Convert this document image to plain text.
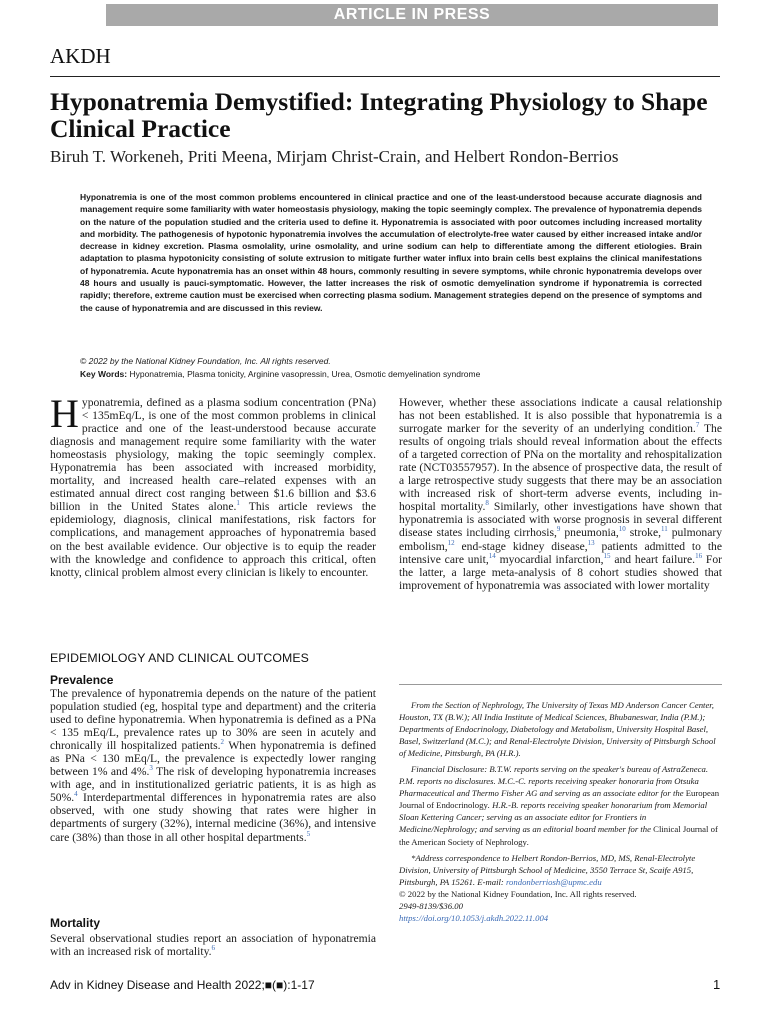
ARTICLE IN PRESS
AKDH
Hyponatremia Demystified: Integrating Physiology to Shape Clinical Practice
Biruh T. Workeneh, Priti Meena, Mirjam Christ-Crain, and Helbert Rondon-Berrios

Hyponatremia is one of the most common problems encountered in clinical practice and one of the least-understood because accurate diagnosis and management require some familiarity with water homeostasis physiology, making the topic seemingly complex. The prevalence of hyponatremia depends on the nature of the population studied and the criteria used to define it. Hyponatremia is associated with poor outcomes including increased mortality and morbidity. The pathogenesis of hypotonic hyponatremia involves the accumulation of electrolyte-free water caused by either increased intake and/or decrease in kidney excretion. Plasma osmolality, urine osmolality, and urine sodium can help to differentiate among the different etiologies. Brain adaptation to plasma hypotonicity consisting of solute extrusion to mitigate further water influx into brain cells best explains the clinical manifestations of hyponatremia. Acute hyponatremia has an onset within 48 hours, commonly resulting in severe symptoms, while chronic hyponatremia develops over 48 hours and usually is pauci-symptomatic. However, the latter increases the risk of osmotic demyelination syndrome if hyponatremia is corrected rapidly; therefore, extreme caution must be exercised when correcting plasma sodium. Management strategies depend on the presence of symptoms and the cause of hyponatremia and are discussed in this review.

© 2022 by the National Kidney Foundation, Inc. All rights reserved.
Key Words: Hyponatremia, Plasma tonicity, Arginine vasopressin, Urea, Osmotic demyelination syndrome

Hyponatremia, defined as a plasma sodium concentration (PNa) < 135mEq/L, is one of the most common problems in clinical practice and one of the least-understood because accurate diagnosis and management require some familiarity with the water homeostasis physiology, making the topic seemingly complex. Hyponatremia has been associated with increased morbidity, mortality, and increased health care–related expenses with an estimated annual direct cost ranging between $1.6 billion and $3.6 billion in the United States alone.$^1$ This article reviews the epidemiology, diagnosis, clinical manifestations, risk factors for complications, and management approaches of hyponatremia based on the best available evidence. Our objective is to equip the reader with the knowledge and confidence to approach this critical, often knotty, clinical problem almost every clinician is likely to encounter.

EPIDEMIOLOGY AND CLINICAL OUTCOMES
Prevalence

The prevalence of hyponatremia depends on the nature of the patient population studied (eg, hospital type and department) and the criteria used to define hyponatremia. When hyponatremia is defined as a PNa < 135 mEq/L, prevalence rates up to 30% are seen in acutely and chronically ill hospitalized patients.$^2$ When hyponatremia is defined as PNa < 130 mEq/L, the prevalence is expectedly lower ranging between 1% and 4%.$^3$ The risk of developing hyponatremia increases with age, and in institutionalized geriatric patients, it is as high as 50%.$^4$ Interdepartmental differences in hyponatremia rates are also observed, with one study showing that rates were higher in departments of surgery (32%), internal medicine (36%), and intensive care (38%) than those in all other hospital departments.$^5$

Mortality

Several observational studies report an association of hyponatremia with an increased risk of mortality.$^6$

However, whether these associations indicate a causal relationship has not been established. It is also possible that hyponatremia is a surrogate marker for the severity of an underlying condition.$^7$ The results of ongoing trials should reveal information about the effects of a targeted correction of PNa on the mortality and rehospitalization rate (NCT03557957). In the absence of prospective data, the result of a large retrospective study suggests that there may be an association with increased risk of short-term adverse events, including in-hospital mortality.$^8$ Similarly, other investigations have shown that hyponatremia is associated with worse prognosis in several different disease states including cirrhosis,$^9$ pneumonia,$^{10}$ stroke,$^{11}$ pulmonary embolism,$^{12}$ end-stage kidney disease,$^{13}$ patients admitted to the intensive care unit,$^{14}$ myocardial infarction,$^{15}$ and heart failure.$^{16}$ For the latter, a large meta-analysis of 8 cohort studies showed that improvement of hyponatremia was associated with lower mortality

From the Section of Nephrology, The University of Texas MD Anderson Cancer Center, Houston, TX (B.W.); All India Institute of Medical Sciences, Bhubaneswar, India (P.M.); Departments of Endocrinology, Diabetology and Metabolism, University Hospital Basel, Basel, Switzerland (M.C.); and Renal-Electrolyte Division, University of Pittsburgh School of Medicine, Pittsburgh, PA (H.R.).

Financial Disclosure: B.T.W. reports serving on the speaker's bureau of AstraZeneca. P.M. reports no disclosures. M.C.-C. reports receiving speaker honoraria from Otsuka Pharmaceutical and Thermo Fisher AG and serving as an associate editor for the European Journal of Endocrinology. H.R.-B. reports receiving speaker honorarium from Memorial Sloan Kettering Cancer; serving as an associate editor for Frontiers in Medicine/Nephrology; and serving as an editorial board member for the Clinical Journal of the American Society of Nephrology.

*Address correspondence to Helbert Rondon-Berrios, MD, MS, Renal-Electrolyte Division, University of Pittsburgh School of Medicine, 3550 Terrace St, Scaife A915, Pittsburgh, PA 15261. E-mail: rondonberriosh@upmc.edu
© 2022 by the National Kidney Foundation, Inc. All rights reserved.
2949-8139/$36.00
https://doi.org/10.1053/j.akdh.2022.11.004

Adv in Kidney Disease and Health 2022;■(■):1-17	1
